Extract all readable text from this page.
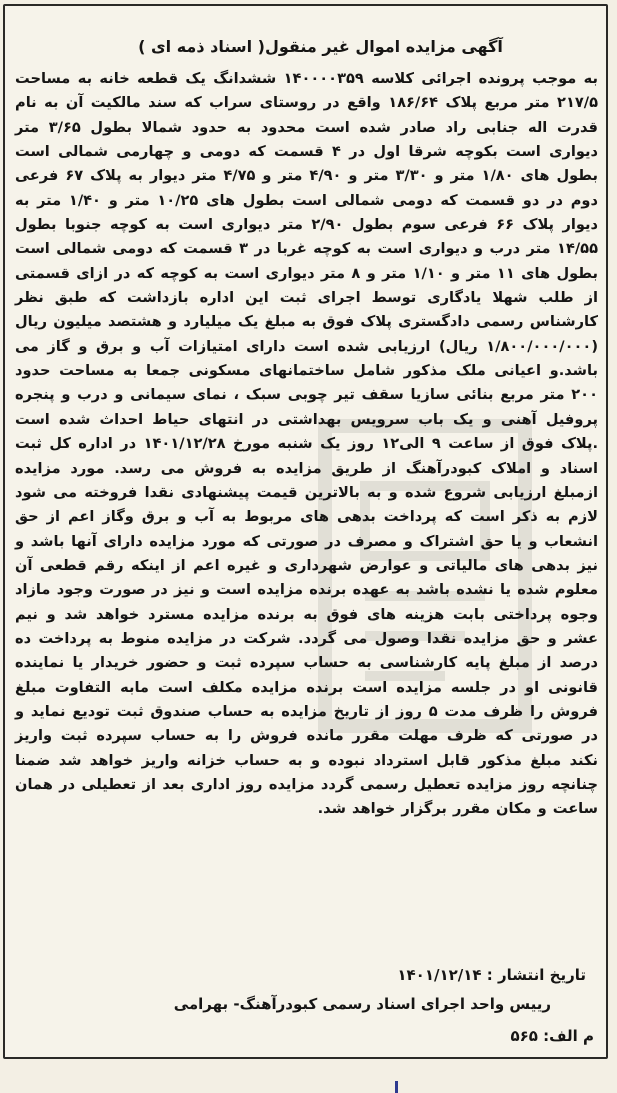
آگهی مزایده اموال غیر منقول( اسناد ذمه ای )
به موجب پرونده اجرائی کلاسه ۱۴۰۰۰۰۳۵۹ ششدانگ یک قطعه خانه به مساحت ۲۱۷/۵ متر مربع پلاک ۱۸۶/۶۴ واقع در روستای سراب که سند مالکیت آن به نام قدرت اله جنابی راد صادر شده است محدود به حدود شمالا بطول ۳/۶۵ متر دیواری است بکوچه شرقا اول در ۴ قسمت که دومی و چهارمی شمالی است بطول های ۱/۸۰ متر و ۳/۳۰ متر و ۴/۹۰ متر و ۴/۷۵ متر دیوار به پلاک ۶۷ فرعی دوم در دو قسمت که دومی شمالی است بطول های ۱۰/۲۵ متر و ۱/۴۰ متر به دیوار پلاک ۶۶ فرعی سوم بطول ۲/۹۰ متر دیواری است به کوچه جنوبا بطول ۱۴/۵۵ متر درب و دیواری است به کوچه غربا در ۳ قسمت که دومی شمالی است بطول های ۱۱ متر و ۱/۱۰ متر و ۸ متر دیواری است به کوچه که در ازای قسمتی از طلب شهلا یادگاری توسط اجرای ثبت این اداره بازداشت که طبق نظر کارشناس رسمی دادگستری پلاک فوق به مبلغ یک میلیارد و هشتصد میلیون ریال (۱/۸۰۰/۰۰۰/۰۰۰ ریال) ارزیابی شده است دارای امتیازات آب و برق و گاز می باشد.و اعیانی ملک مذکور شامل ساختمانهای مسکونی جمعا به مساحت حدود ۲۰۰ متر مربع بنائی سازیا سقف تیر چوبی سبک ، نمای سیمانی و درب و پنجره پروفیل آهنی و یک باب سرویس بهداشتی در انتهای حیاط احداث شده است .پلاک فوق از ساعت ۹ الی۱۲ روز یک شنبه مورخ ۱۴۰۱/۱۲/۲۸ در اداره کل ثبت اسناد و املاک کبودرآهنگ از طریق مزایده به فروش می رسد. مورد مزایده ازمبلغ ارزیابی شروع شده و به بالاترین قیمت پیشنهادی نقدا فروخته می شود لازم به ذکر است که پرداخت بدهی های مربوط به آب و برق وگاز اعم از حق انشعاب و یا حق اشتراک و مصرف در صورتی که مورد مزایده دارای آنها باشد و نیز بدهی های مالیاتی و عوارض شهرداری و غیره اعم از اینکه رقم قطعی آن معلوم شده یا نشده باشد به عهده برنده مزایده است و نیز در صورت وجود مازاد وجوه پرداختی بابت هزینه های فوق به برنده مزایده مسترد خواهد شد و نیم عشر و حق مزایده نقدا وصول می گردد. شرکت در مزایده منوط به پرداخت ده درصد از مبلغ پایه کارشناسی به حساب سپرده ثبت و حضور خریدار یا نماینده قانونی او در جلسه مزایده است برنده مزایده مکلف است مابه التفاوت مبلغ فروش را ظرف مدت ۵ روز از تاریخ مزایده به حساب صندوق ثبت تودیع نماید و در صورتی که ظرف مهلت مقرر مانده فروش را به حساب سپرده ثبت واریز نکند مبلغ مذکور قابل استرداد نبوده و به حساب خزانه واریز خواهد شد ضمنا چنانچه روز مزایده تعطیل رسمی گردد مزایده روز اداری بعد از تعطیلی در همان ساعت و مکان مقرر برگزار خواهد شد.
تاریخ انتشار : ۱۴۰۱/۱۲/۱۴
رییس واحد اجرای اسناد رسمی کبودرآهنگ- بهرامی
م الف: ۵۶۵
